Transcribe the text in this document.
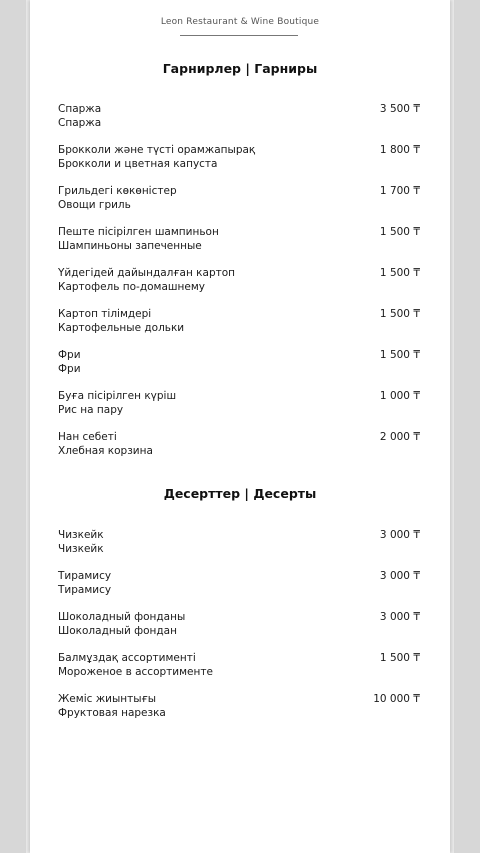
Leon Restaurant & Wine Boutique
Гарнирлер | Гарниры
Спаржа
Спаржа
3 500 ₸
Брокколи және түсті орамжапырақ
Брокколи и цветная капуста
1 800 ₸
Грильдегі көкөністер
Овощи гриль
1 700 ₸
Пеште пісірілген шампиньон
Шампиньоны запеченные
1 500 ₸
Үйдегідей дайындалған картоп
Картофель по-домашнему
1 500 ₸
Картоп тілімдері
Картофельные дольки
1 500 ₸
Фри
Фри
1 500 ₸
Буға пісірілген күріш
Рис на пару
1 000 ₸
Нан себеті
Хлебная корзина
2 000 ₸
Десерттер | Десерты
Чизкейк
Чизкейк
3 000 ₸
Тирамису
Тирамису
3 000 ₸
Шоколадный фонданы
Шоколадный фондан
3 000 ₸
Балмұздақ ассортименті
Мороженое в ассортименте
1 500 ₸
Жеміс жиынтығы
Фруктовая нарезка
10 000 ₸
